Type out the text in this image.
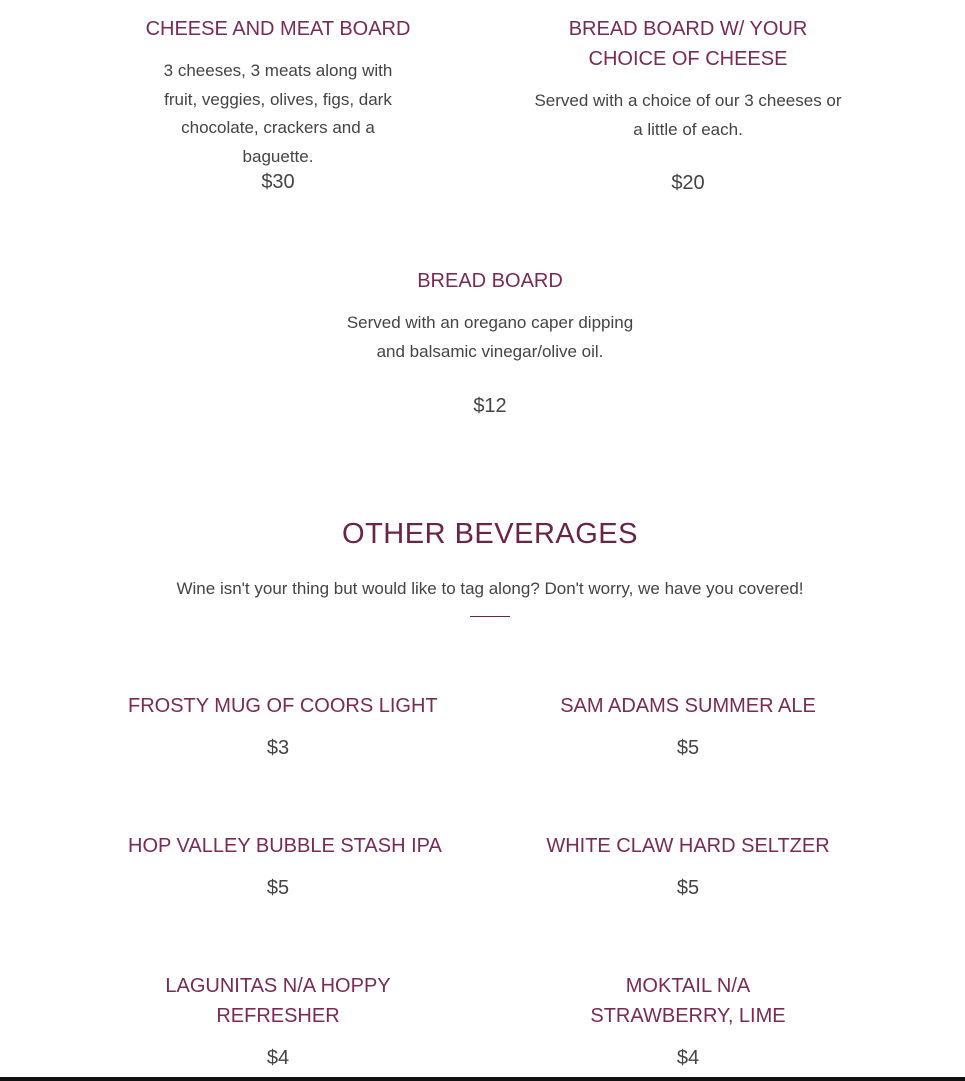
CHEESE AND MEAT BOARD
3 cheeses, 3 meats along with fruit, veggies, olives, figs, dark chocolate, crackers and a baguette.
$30
BREAD BOARD W/ YOUR CHOICE OF CHEESE
Served with a choice of our 3 cheeses or a little of each.
$20
BREAD BOARD
Served with an oregano caper dipping and balsamic vinegar/olive oil.
$12
OTHER BEVERAGES
Wine isn't your thing but would like to tag along? Don't worry, we have you covered!
FROSTY MUG OF COORS LIGHT
$3
SAM ADAMS SUMMER ALE
$5
HOP VALLEY BUBBLE STASH IPA
$5
WHITE CLAW HARD SELTZER
$5
LAGUNITAS N/A HOPPY REFRESHER
$4
MOKTAIL N/A STRAWBERRY, LIME
$4
